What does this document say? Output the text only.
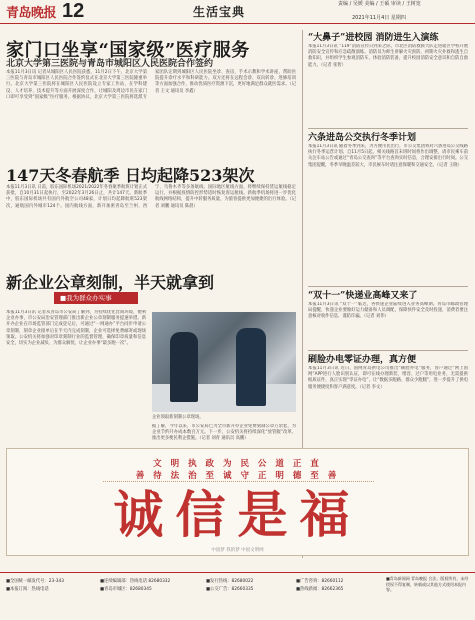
青岛晚报 12	生活宝典
责编 / 吴媛 美编 / 王硕 审读 / 王树宽
2021年11月4日 星期四
家门口坐享“国家级”医疗服务
北京大学第三医院与青岛市城阳区人民医院合作签约
本报11月3日讯 记者从城阳区人民医院获悉，11月2日下午，北京大学第三医院与青岛市城阳区人民医院合作签约仪式在北京大学第三医院隆重举行。北京大学第三医院将在城阳区人民医院设立专家工作站，在学科建设、人才培养、技术提升等方面开展深度合作，让城阳及周边市民在家门口即可享受到“国家级”医疗服务。根据协议，北京大学第三医院将选派专家团队定期到城阳区人民医院坐诊、查房、手术示教和学术讲座，帮助医院提升诊疗水平和科研能力。双方还将在远程会诊、双向转诊、进修培训等方面加强合作，推动优质医疗资源下沉，更好地满足群众就医需求。（记者 王文 通讯员 李鑫）
147天冬春航季 日均起降523架次
本报11月3日讯 日前，胶东国际机场2021/2022年冬春航季航班计划正式获批，自10月31日起执行，至2022年3月26日止，共计147天。新航季中，胶东国际机场共有国内外航空公司48家，计划日均起降航班523架次，通航国内外城市124个。国内航线方面，新开加密青岛至兰州、西宁、乌鲁木齐等多条航线；国际地区航线方面，将继续保持货运航线稳定运行，并根据疫情防控形势适时恢复客运航线。新航季机场将进一步优化航线网络结构，提升中转服务质量，为旅客提供更加便捷的出行体验。（记者 刘鹏 通讯员 陈晨）
新企业公章刻制，半天就拿到
■我为群众办实事
本报11月3日讯 记者从青岛市公安局了解到，为持续优化营商环境，便利企业办事，市公安局治安管理部门推出新企业公章刻制服务提速举措。新开办企业在市场监管部门完成登记后，可通过“一网通办”平台同步申请公章刻制，刻章企业接单后在半天内完成刻制，企业可选择免费邮寄或现场领取。公安机关将加强对印章刻制行业的监督管理，确保印章质量和信息安全，切实为企业减负、为群众解忧，让企业办事“最多跑一次”。
企业领取新刻制公章现场。
据了解，今年以来，市公安局已为全市新开办企业免费刻制公章万余套，为企业节约开办成本数百万元。下一步，公安机关将持续深化“放管服”改革，推出更多便民利企措施。（记者 刘青 通讯员 高鹏）
“大鼻子”进校园 消防进生入演练
本报11月3日讯 “119”消防宣传日到来之际，市北区消防救援大队走进辖区学校开展消防安全宣传和应急疏散演练。消防员为师生讲解火灾预防、初期火灾扑救和逃生自救知识，并组织学生参观消防车、体验消防装备，提升校园消防安全意识和自防自救能力。（记者 张智）
六条进岛公交执行冬季计划
本报11月3日讯 随着冬季到来，为方便市民出行，市公交集团将对六条进岛公交线路执行冬季运营计划。自11月5日起，相关线路首末班时间将作出调整，请市民乘车前关注车站公告或通过“青岛公交查询”等平台查询实时信息，合理安排出行时间。公交集团提醒，冬季早晚温差较大，市民候车时请注意保暖和交通安全。（记者 王晓）
“双十一”快递业高峰又来了
本报11月3日讯 “双十一”临近，各快递企业陆续进入业务高峰期。青岛市邮政管理局提醒，快递企业要做好运力储备和人员调配，保障快件安全及时投递，消费者要注意核对收件信息，谨防诈骗。（记者 刘伟）
刷脸办电零证办理，真方便
本报11月3日讯 近日，国网青岛供电公司推出“刷脸办电”服务，客户通过“网上国网”APP进行人脸识别认证，即可在线办理新装、增容、过户等用电业务，无需提供纸质证件，真正实现“零证办电”，让“数据多跑路、群众少跑腿”，进一步提升了供电服务便捷度和客户满意度。（记者 李文）
文 明 执 政 为 民 公 道 正 直
善 待 法 治 至 诚 守 正 明 德 至 善
诚信是福
中国梦 我的梦 中国文明网
■全国统一邮发代号：23-343
■本报订阅：热线电话
■连续编辑部：热线电话 82680332
■青岛市城区：82680345
■发行热线：82680022
■公交广告：82660335
■广告咨询：82660112
■热线新闻：82662365
■青岛新闻网 青岛晚报 合法，版权所有，未经授权不得复制，转载或以其他方式使用本报内容。
